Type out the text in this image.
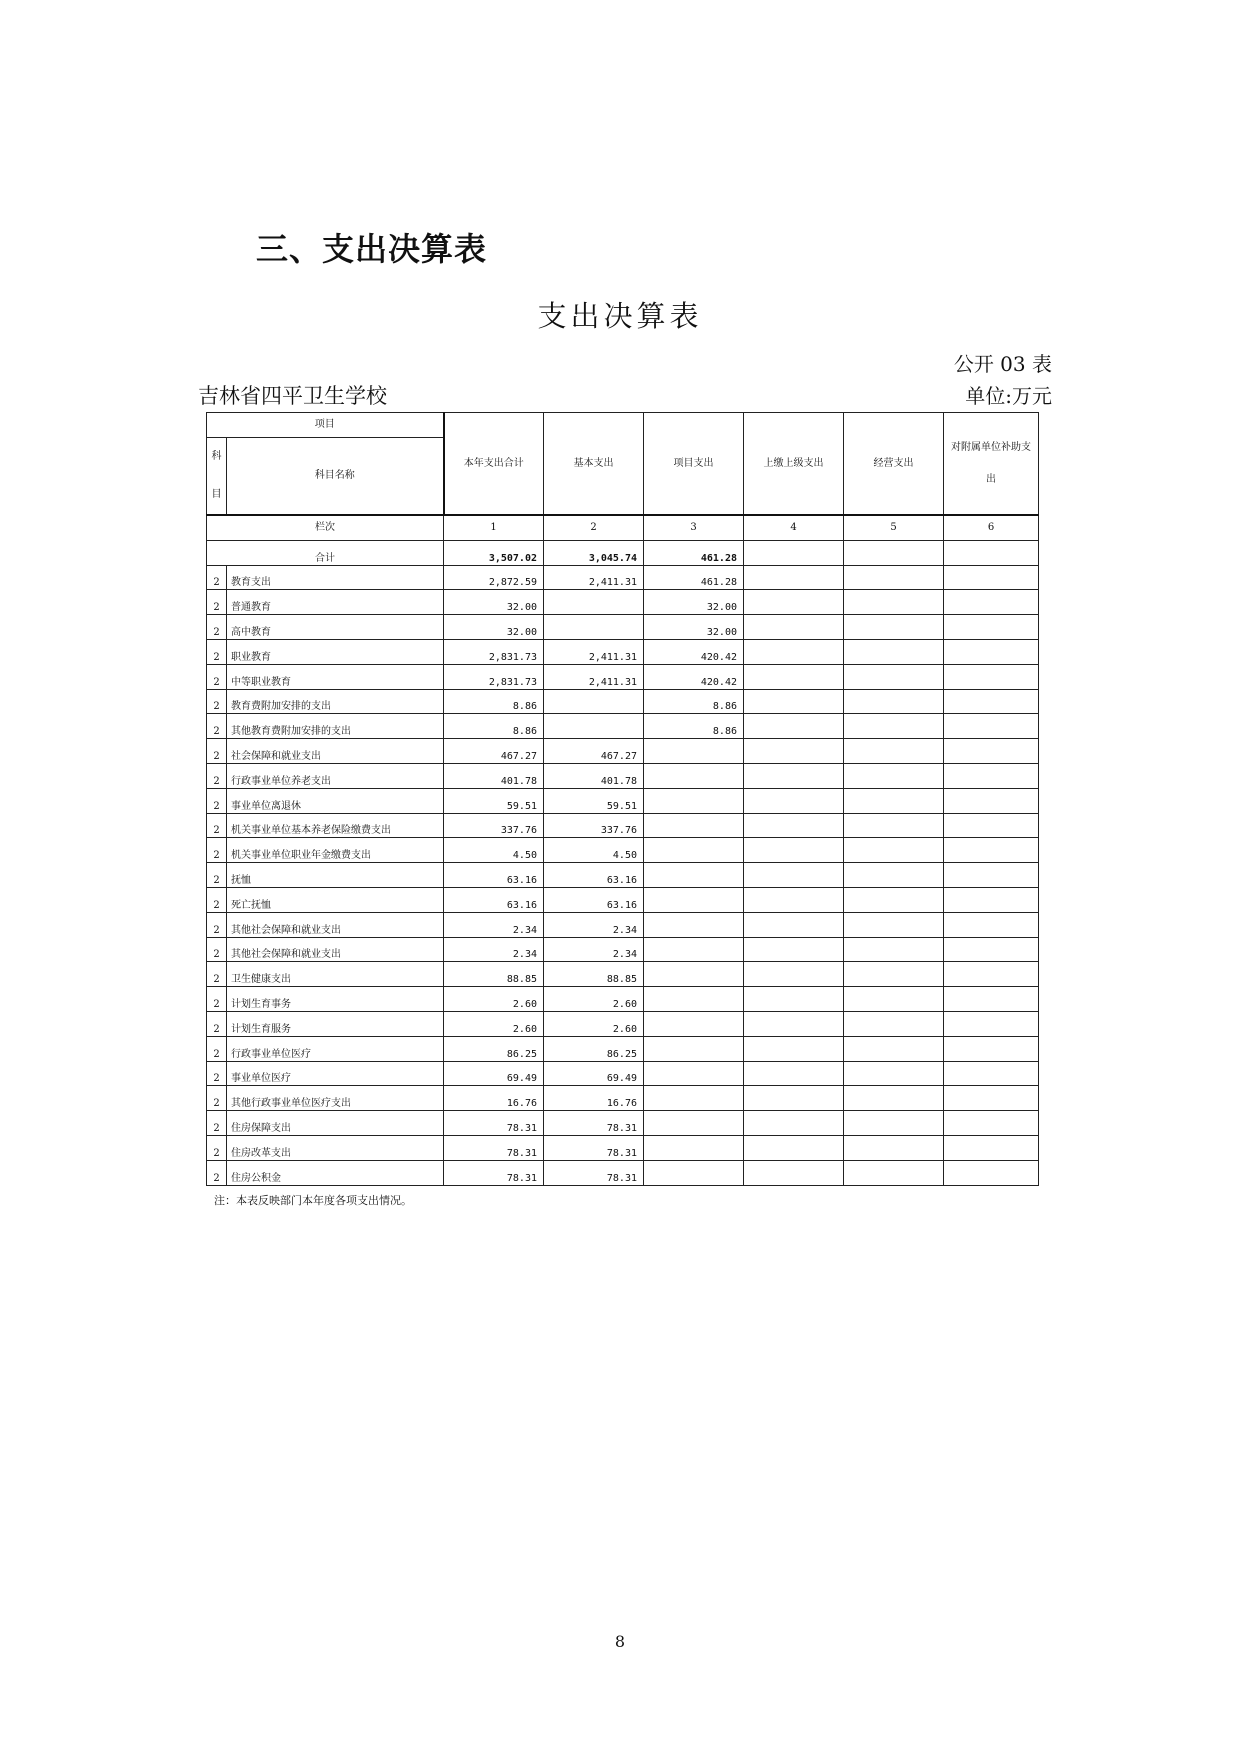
三、支出决算表
支出决算表
公开 03 表
吉林省四平卫生学校	单位:万元
项目		本年支出合计	基本支出	项目支出	上缴上级支出	经营支出	对附属单位补助支出

科目	科目名称						
栏次		1	2	3	4	5	6
合计		3,507.02	3,045.74	461.28			
2	教育支出	2,872.59	2,411.31	461.28			
2	普通教育	32.00		32.00			
2	高中教育	32.00		32.00			
2	职业教育	2,831.73	2,411.31	420.42			
2	中等职业教育	2,831.73	2,411.31	420.42			
2	教育费附加安排的支出	8.86		8.86			
2	其他教育费附加安排的支出	8.86		8.86			
2	社会保障和就业支出	467.27	467.27				
2	行政事业单位养老支出	401.78	401.78				
2	事业单位离退休	59.51	59.51				
2	机关事业单位基本养老保险缴费支出	337.76	337.76				
2	机关事业单位职业年金缴费支出	4.50	4.50				
2	抚恤	63.16	63.16				
2	死亡抚恤	63.16	63.16				
2	其他社会保障和就业支出	2.34	2.34				
2	其他社会保障和就业支出	2.34	2.34				
2	卫生健康支出	88.85	88.85				
2	计划生育事务	2.60	2.60				
2	计划生育服务	2.60	2.60				
2	行政事业单位医疗	86.25	86.25				
2	事业单位医疗	69.49	69.49				
2	其他行政事业单位医疗支出	16.76	16.76				
2	住房保障支出	78.31	78.31				
2	住房改革支出	78.31	78.31				
2	住房公积金	78.31	78.31				
注：本表反映部门本年度各项支出情况。
8
